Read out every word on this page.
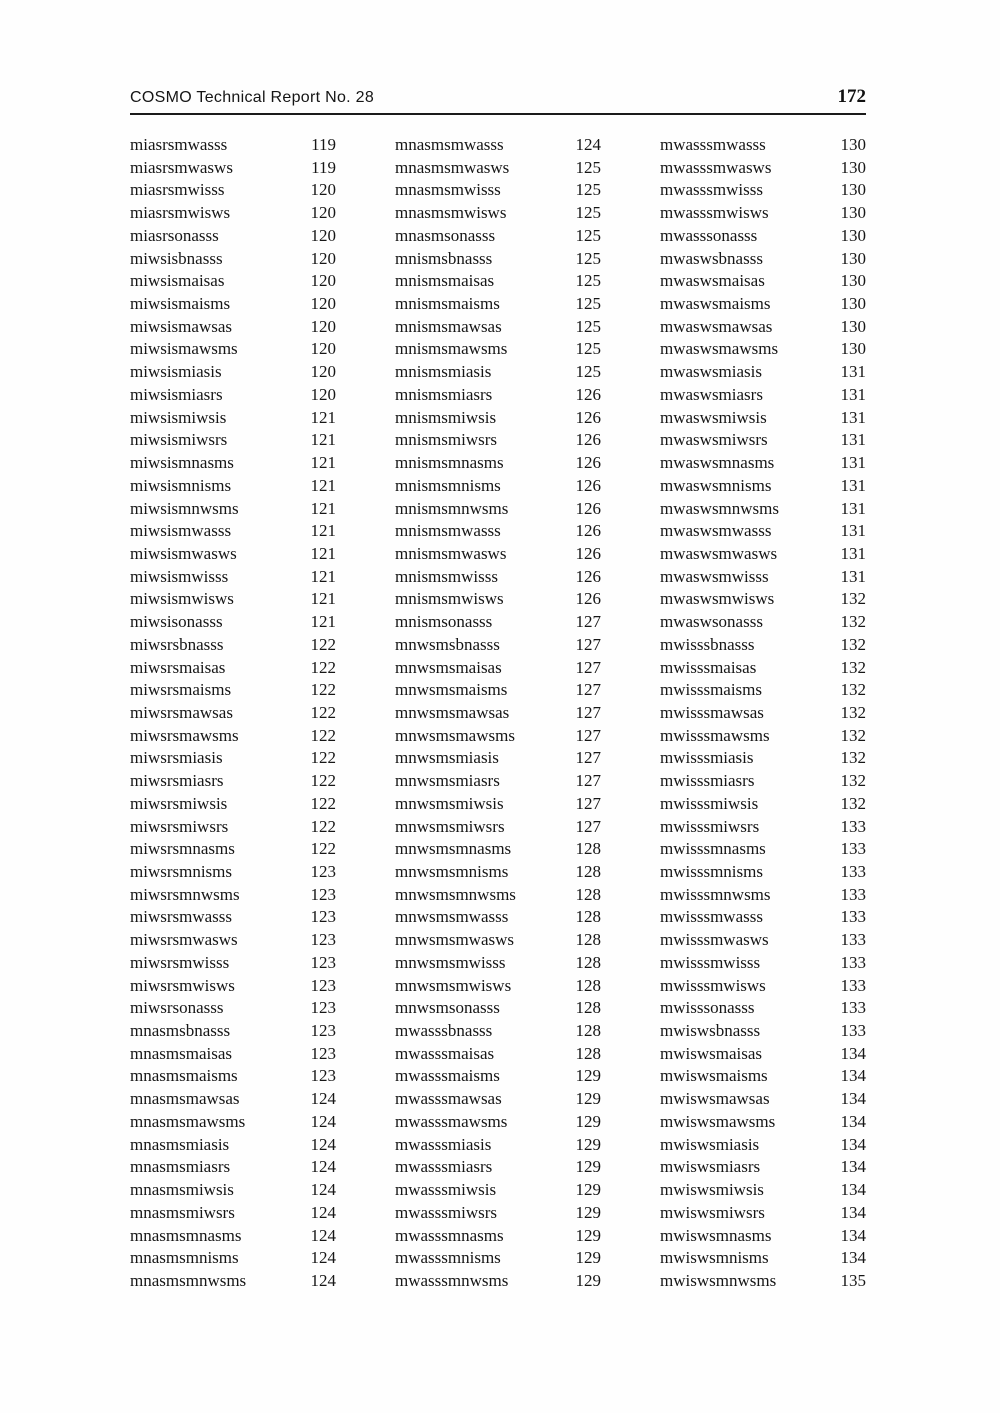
COSMO Technical Report No. 28	172
miasrsmwasss	119
miasrsmwasws	119
miasrsmwisss	120
miasrsmwisws	120
miasrsonasss	120
miwsisbnasss	120
miwsismaisas	120
miwsismaisms	120
miwsismawsas	120
miwsismawsms	120
miwsismiasis	120
miwsismiasrs	120
miwsismiwsis	121
miwsismiwsrs	121
miwsismnasms	121
miwsismnisms	121
miwsismnwsms	121
miwsismwasss	121
miwsismwasws	121
miwsismwisss	121
miwsismwisws	121
miwsisonasss	121
miwsrsbnasss	122
miwsrsmaisas	122
miwsrsmaisms	122
miwsrsmawsas	122
miwsrsmawsms	122
miwsrsmiasis	122
miwsrsmiasrs	122
miwsrsmiwsis	122
miwsrsmiwsrs	122
miwsrsmnasms	122
miwsrsmnisms	123
miwsrsmnwsms	123
miwsrsmwasss	123
miwsrsmwasws	123
miwsrsmwisss	123
miwsrsmwisws	123
miwsrsonasss	123
mnasmsbnasss	123
mnasmsmaisas	123
mnasmsmaisms	123
mnasmsmawsas	124
mnasmsmawsms	124
mnasmsmiasis	124
mnasmsmiasrs	124
mnasmsmiwsis	124
mnasmsmiwsrs	124
mnasmsmnasms	124
mnasmsmnisms	124
mnasmsmnwsms	124
mnasmsmwasss	124
mnasmsmwasws	125
mnasmsmwisss	125
mnasmsmwisws	125
mnasmsonasss	125
mnismsbnasss	125
mnismsmaisas	125
mnismsmaisms	125
mnismsmawsas	125
mnismsmawsms	125
mnismsmiasis	125
mnismsmiasrs	126
mnismsmiwsis	126
mnismsmiwsrs	126
mnismsmnasms	126
mnismsmnisms	126
mnismsmnwsms	126
mnismsmwasss	126
mnismsmwasws	126
mnismsmwisss	126
mnismsmwisws	126
mnismsonasss	127
mnwsmsbnasss	127
mnwsmsmaisas	127
mnwsmsmaisms	127
mnwsmsmawsas	127
mnwsmsmawsms	127
mnwsmsmiasis	127
mnwsmsmiasrs	127
mnwsmsmiwsis	127
mnwsmsmiwsrs	127
mnwsmsmnasms	128
mnwsmsmnisms	128
mnwsmsmnwsms	128
mnwsmsmwasss	128
mnwsmsmwasws	128
mnwsmsmwisss	128
mnwsmsmwisws	128
mnwsmsonasss	128
mwasssbnasss	128
mwasssmaisas	128
mwasssmaisms	129
mwasssmawsas	129
mwasssmawsms	129
mwasssmiasis	129
mwasssmiasrs	129
mwasssmiwsis	129
mwasssmiwsrs	129
mwasssmnasms	129
mwasssmnisms	129
mwasssmnwsms	129
mwasssmwasss	130
mwasssmwasws	130
mwasssmwisss	130
mwasssmwisws	130
mwasssonasss	130
mwaswsbnasss	130
mwaswsmaisas	130
mwaswsmaisms	130
mwaswsmawsas	130
mwaswsmawsms	130
mwaswsmiasis	131
mwaswsmiasrs	131
mwaswsmiwsis	131
mwaswsmiwsrs	131
mwaswsmnasms	131
mwaswsmnisms	131
mwaswsmnwsms	131
mwaswsmwasss	131
mwaswsmwasws	131
mwaswsmwisss	131
mwaswsmwisws	132
mwaswsonasss	132
mwisssbnasss	132
mwisssmaisas	132
mwisssmaisms	132
mwisssmawsas	132
mwisssmawsms	132
mwisssmiasis	132
mwisssmiasrs	132
mwisssmiwsis	132
mwisssmiwsrs	133
mwisssmnasms	133
mwisssmnisms	133
mwisssmnwsms	133
mwisssmwasss	133
mwisssmwasws	133
mwisssmwisss	133
mwisssmwisws	133
mwisssonasss	133
mwiswsbnasss	133
mwiswsmaisas	134
mwiswsmaisms	134
mwiswsmawsas	134
mwiswsmawsms	134
mwiswsmiasis	134
mwiswsmiasrs	134
mwiswsmiwsis	134
mwiswsmiwsrs	134
mwiswsmnasms	134
mwiswsmnisms	134
mwiswsmnwsms	135
